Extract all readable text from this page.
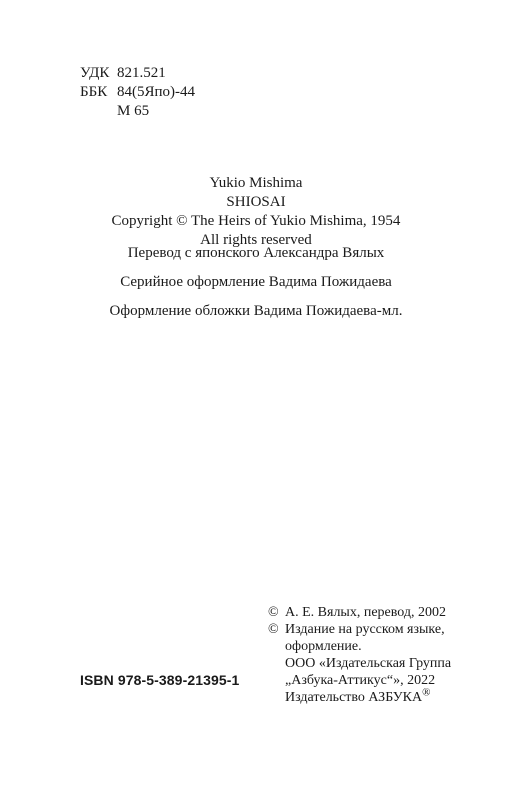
УДК 821.521
ББК 84(5Япо)-44
М 65
Yukio Mishima
SHIOSAI
Copyright © The Heirs of Yukio Mishima, 1954
All rights reserved
Перевод с японского Александра Вялых
Серийное оформление Вадима Пожидаева
Оформление обложки Вадима Пожидаева-мл.
ISBN 978-5-389-21395-1
© А. Е. Вялых, перевод, 2002
© Издание на русском языке,
оформление.
ООО «Издательская Группа
„Азбука-Аттикус“», 2022
Издательство АЗБУКА®
